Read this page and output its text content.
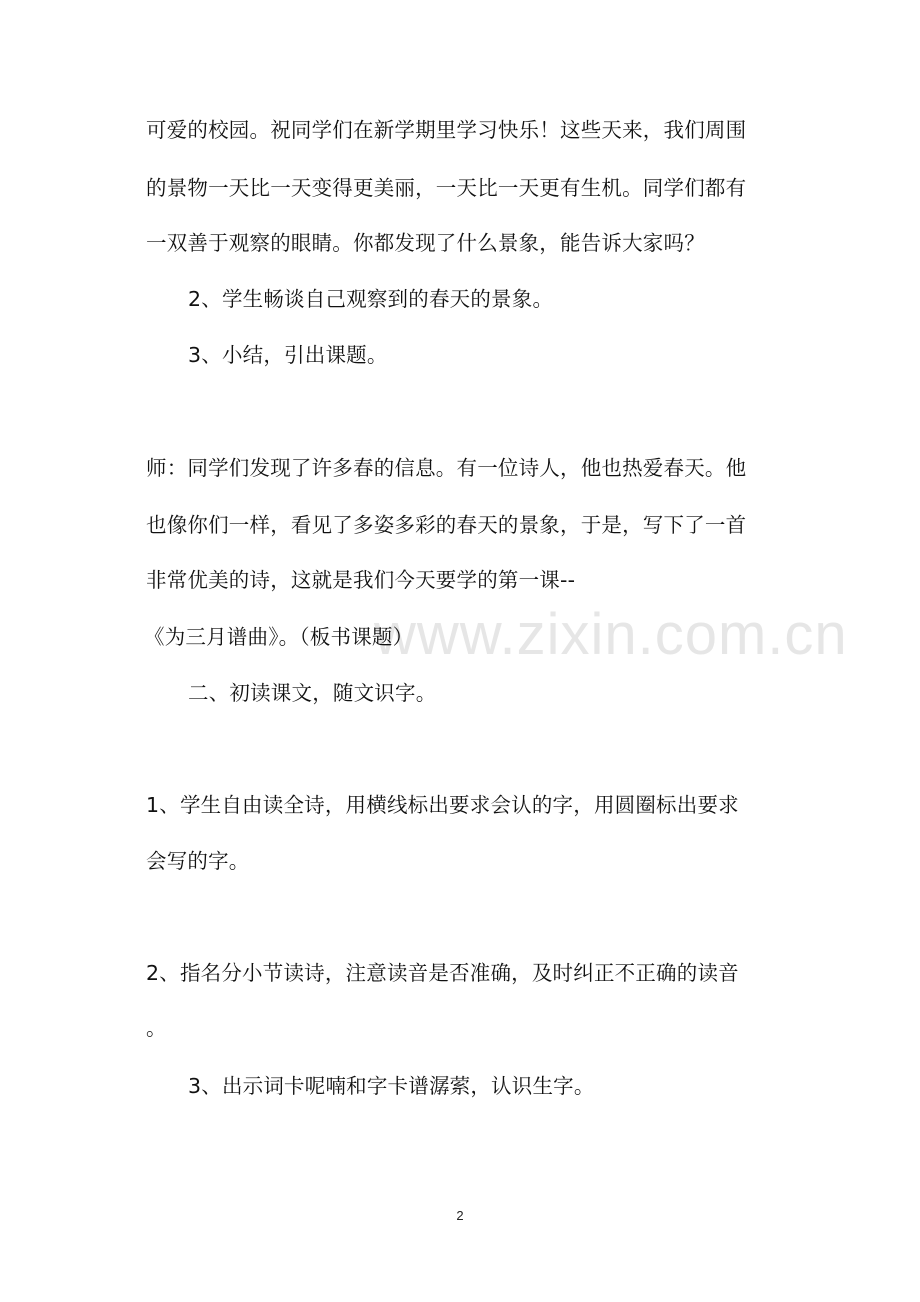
www.zixin.com.cn
可爱的校园。祝同学们在新学期里学习快乐！这些天来，我们周围
的景物一天比一天变得更美丽，一天比一天更有生机。同学们都有
一双善于观察的眼睛。你都发现了什么景象，能告诉大家吗？
2、学生畅谈自己观察到的春天的景象。
3、小结，引出课题。
师：同学们发现了许多春的信息。有一位诗人，他也热爱春天。他
也像你们一样，看见了多姿多彩的春天的景象，于是，写下了一首
非常优美的诗，这就是我们今天要学的第一课--
《为三月谱曲》。（板书课题）
二、初读课文，随文识字。
1、学生自由读全诗，用横线标出要求会认的字，用圆圈标出要求
会写的字。
2、指名分小节读诗，注意读音是否准确，及时纠正不正确的读音
。
3、出示词卡呢喃和字卡谱潺萦，认识生字。
2
